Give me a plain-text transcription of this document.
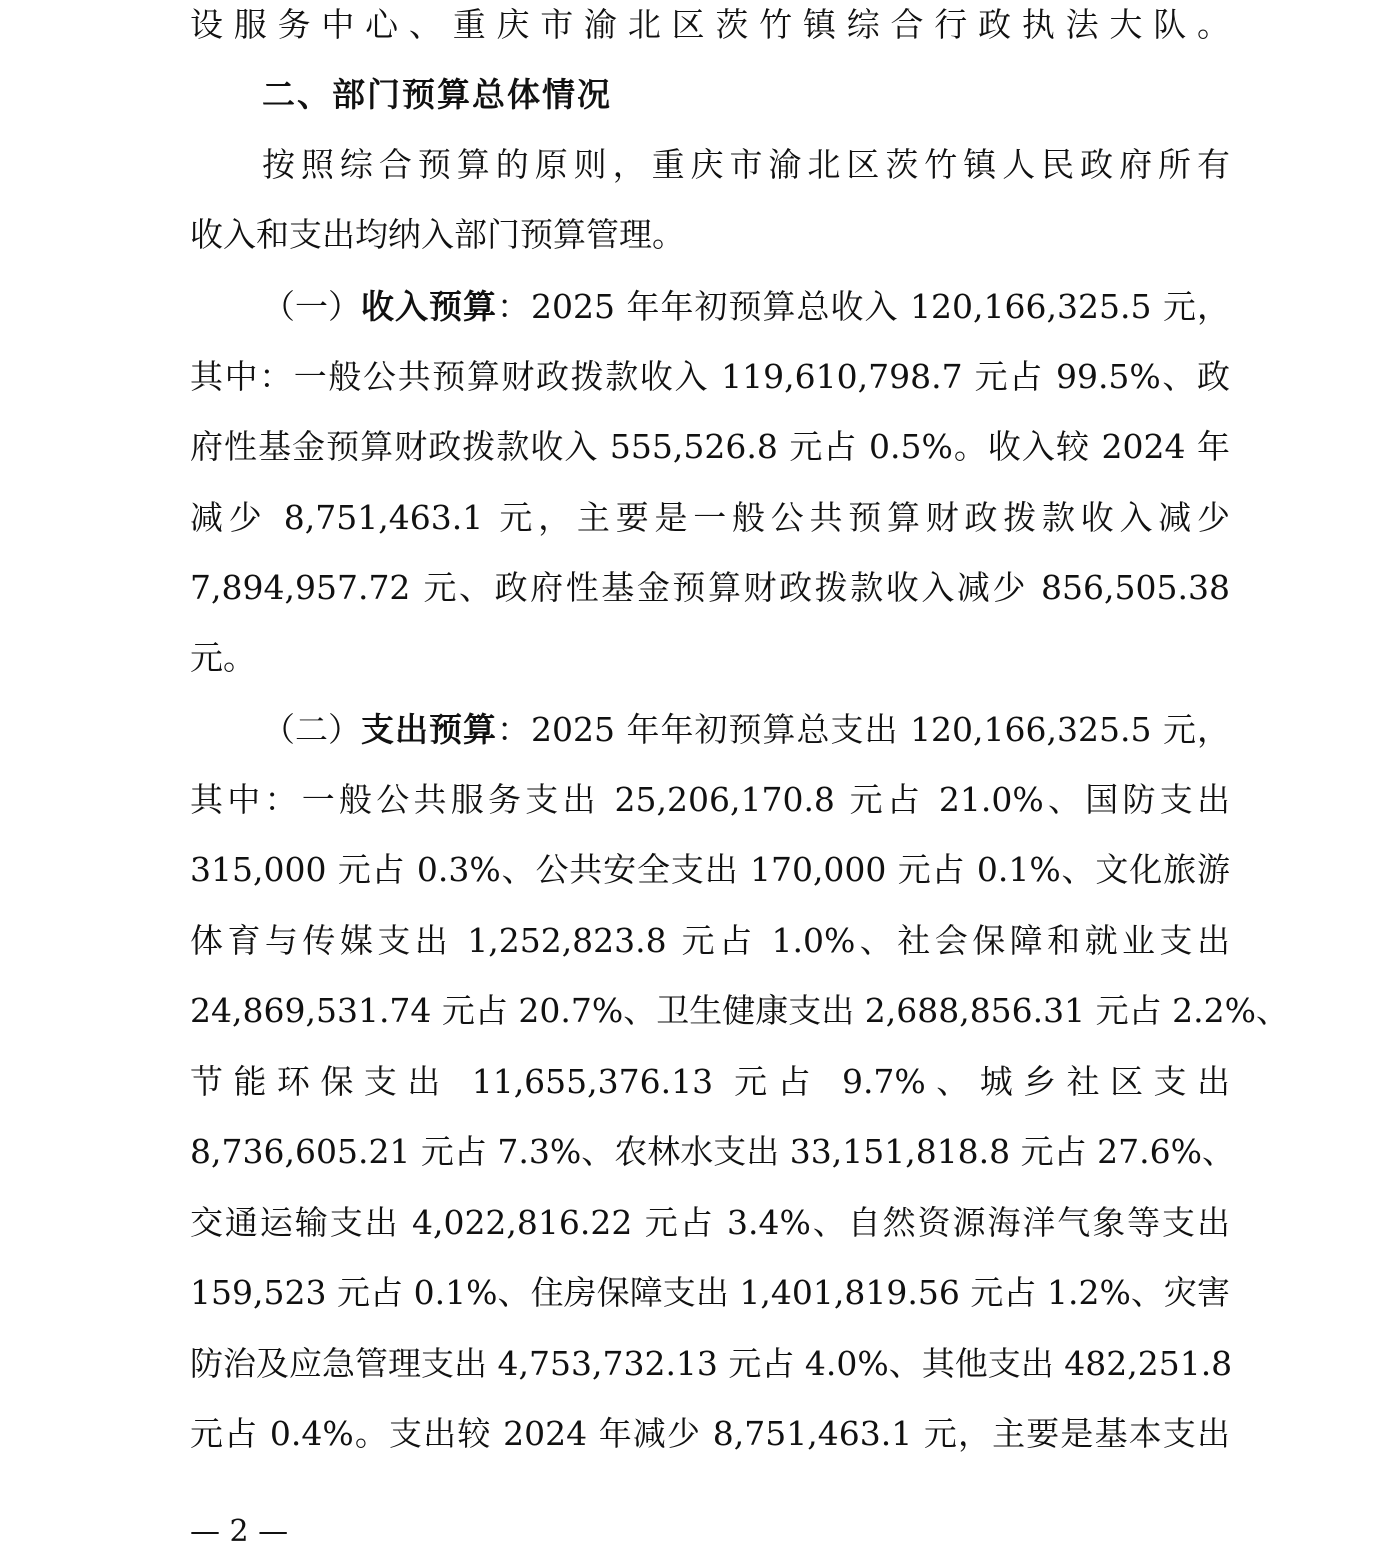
设服务中心、重庆市渝北区茨竹镇综合行政执法大队。
二、部门预算总体情况
按照综合预算的原则，重庆市渝北区茨竹镇人民政府所有
收入和支出均纳入部门预算管理。
（一） 收入预算：2025 年年初预算总收入 120,166,325.5 元，
其中：一般公共预算财政拨款收入 119,610,798.7 元占 99.5%、政
府性基金预算财政拨款收入 555,526.8 元占 0.5%。收入较 2024 年
减少 8,751,463.1 元，主要是一般公共预算财政拨款收入减少
7,894,957.72 元、政府性基金预算财政拨款收入减少 856,505.38
元。
（二） 支出预算：2025 年年初预算总支出 120,166,325.5 元，
其中：一般公共服务支出 25,206,170.8 元占 21.0%、国防支出
315,000 元占 0.3%、公共安全支出 170,000 元占 0.1%、文化旅游
体育与传媒支出 1,252,823.8 元占 1.0%、社会保障和就业支出
24,869,531.74 元占 20.7%、卫生健康支出 2,688,856.31 元占 2.2%、
节能环保支出 11,655,376.13 元占 9.7%、城乡社区支出
8,736,605.21 元占 7.3%、农林水支出 33,151,818.8 元占 27.6%、
交通运输支出 4,022,816.22 元占 3.4%、自然资源海洋气象等支出
159,523 元占 0.1%、住房保障支出 1,401,819.56 元占 1.2%、灾害
防治及应急管理支出 4,753,732.13 元占 4.0%、其他支出 482,251.8
元占 0.4%。支出较 2024 年减少 8,751,463.1 元，主要是基本支出
— 2 —
